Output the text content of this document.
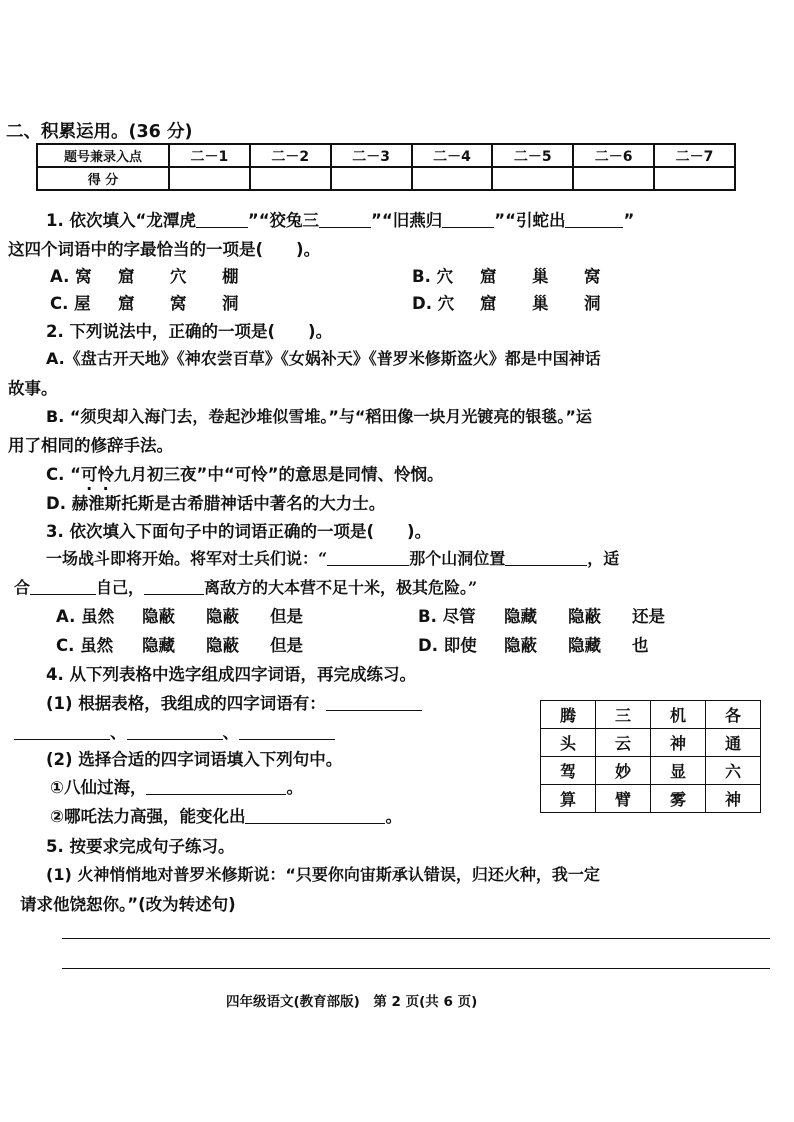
二、积累运用。(36 分)
题号兼录入点	二－1	二－2	二－3	二－4	二－5	二－6	二－7
得 分							
1. 依次填入“龙潭虎	”“狡兔三	”“旧燕归	”“引蛇出	”
这四个词语中的字最恰当的一项是(　　)。
A. 窝 窟 穴 棚	B. 穴 窟 巢 窝
C. 屋 窟 窝 洞	D. 穴 窟 巢 洞
2. 下列说法中，正确的一项是(　　)。
A.《盘古开天地》《神农尝百草》《女娲补天》《普罗米修斯盗火》都是中国神话
故事。
B. “须臾却入海门去，卷起沙堆似雪堆。”与“稻田像一块月光镀亮的银毯。”运
用了相同的修辞手法。
C. “可怜九月初三夜”中“可怜”的意思是同情、怜悯。
D. 赫淮斯托斯是古希腊神话中著名的大力士。
3. 依次填入下面句子中的词语正确的一项是(　　)。
一场战斗即将开始。将军对士兵们说：“	那个山洞位置	，适
合	自己，	离敌方的大本营不足十米，极其危险。”
A. 虽然 隐蔽 隐蔽 但是	B. 尽管 隐藏 隐蔽 还是
C. 虽然 隐藏 隐蔽 但是	D. 即使 隐蔽 隐藏 也
4. 从下列表格中选字组成四字词语，再完成练习。
(1) 根据表格，我组成的四字词语有：
、	、
腾	三	机	各
头	云	神	通
驾	妙	显	六
算	臂	雾	神
(2) 选择合适的四字词语填入下列句中。
①八仙过海，	。
②哪吒法力高强，能变化出	。
5. 按要求完成句子练习。
(1) 火神悄悄地对普罗米修斯说：“只要你向宙斯承认错误，归还火种，我一定
请求他饶恕你。”(改为转述句)
四年级语文(教育部版)　第 2 页(共 6 页)
